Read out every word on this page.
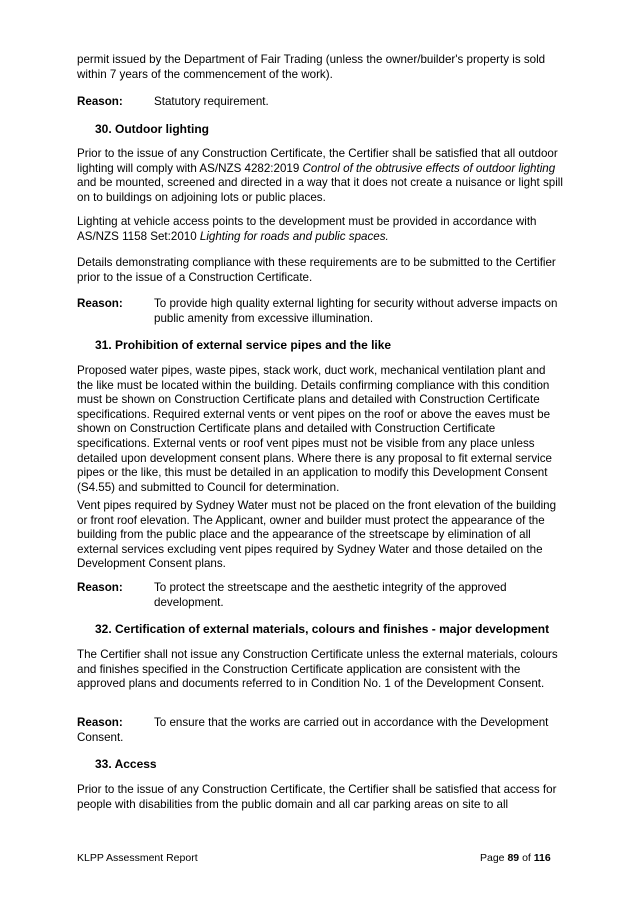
permit issued by the Department of Fair Trading (unless the owner/builder's property is sold within 7 years of the commencement of the work).

Reason:	Statutory requirement.
30. Outdoor lighting

Prior to the issue of any Construction Certificate, the Certifier shall be satisfied that all outdoor lighting will comply with AS/NZS 4282:2019 Control of the obtrusive effects of outdoor lighting and be mounted, screened and directed in a way that it does not create a nuisance or light spill on to buildings on adjoining lots or public places.

Lighting at vehicle access points to the development must be provided in accordance with AS/NZS 1158 Set:2010 Lighting for roads and public spaces.

Details demonstrating compliance with these requirements are to be submitted to the Certifier prior to the issue of a Construction Certificate.

Reason:	To provide high quality external lighting for security without adverse impacts on public amenity from excessive illumination.
31. Prohibition of external service pipes and the like

Proposed water pipes, waste pipes, stack work, duct work, mechanical ventilation plant and the like must be located within the building. Details confirming compliance with this condition must be shown on Construction Certificate plans and detailed with Construction Certificate specifications. Required external vents or vent pipes on the roof or above the eaves must be shown on Construction Certificate plans and detailed with Construction Certificate specifications. External vents or roof vent pipes must not be visible from any place unless detailed upon development consent plans. Where there is any proposal to fit external service pipes or the like, this must be detailed in an application to modify this Development Consent (S4.55) and submitted to Council for determination.

Vent pipes required by Sydney Water must not be placed on the front elevation of the building or front roof elevation. The Applicant, owner and builder must protect the appearance of the building from the public place and the appearance of the streetscape by elimination of all external services excluding vent pipes required by Sydney Water and those detailed on the Development Consent plans.

Reason:	To protect the streetscape and the aesthetic integrity of the approved development.
32. Certification of external materials, colours and finishes - major development

The Certifier shall not issue any Construction Certificate unless the external materials, colours and finishes specified in the Construction Certificate application are consistent with the approved plans and documents referred to in Condition No. 1 of the Development Consent.

Reason:	To ensure that the works are carried out in accordance with the Development Consent.
33. Access

Prior to the issue of any Construction Certificate, the Certifier shall be satisfied that access for people with disabilities from the public domain and all car parking areas on site to all

KLPP Assessment Report	Page 89 of 116
